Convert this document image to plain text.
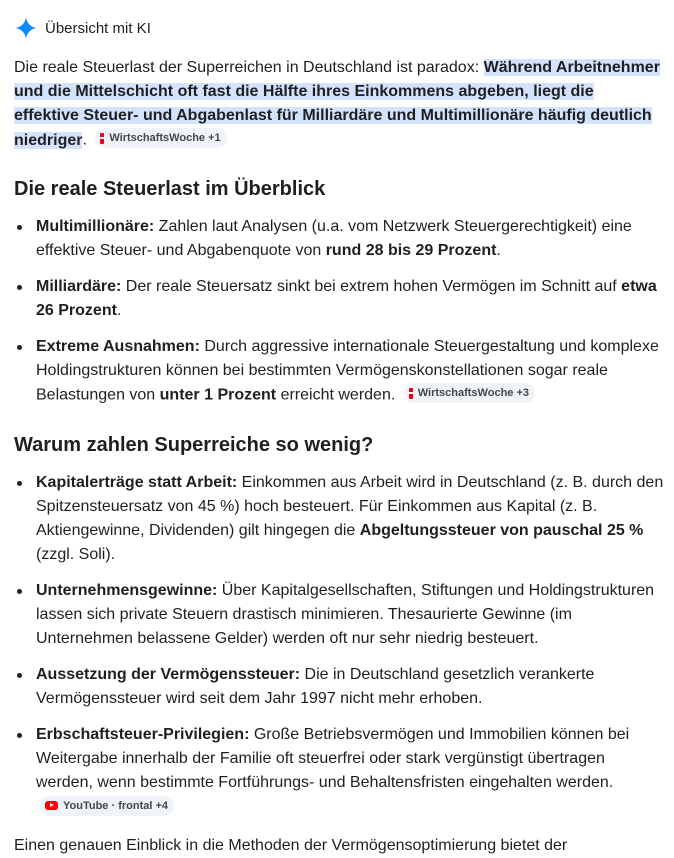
Übersicht mit KI
Die reale Steuerlast der Superreichen in Deutschland ist paradox: Während Arbeitnehmer und die Mittelschicht oft fast die Hälfte ihres Einkommens abgeben, liegt die effektive Steuer- und Abgabenlast für Milliardäre und Multimillionäre häufig deutlich niedriger. WirtschaftsWoche +1
Die reale Steuerlast im Überblick
Multimillionäre: Zahlen laut Analysen (u.a. vom Netzwerk Steuergerechtigkeit) eine effektive Steuer- und Abgabenquote von rund 28 bis 29 Prozent.
Milliardäre: Der reale Steuersatz sinkt bei extrem hohen Vermögen im Schnitt auf etwa 26 Prozent.
Extreme Ausnahmen: Durch aggressive internationale Steuergestaltung und komplexe Holdingstrukturen können bei bestimmten Vermögenskonstellationen sogar reale Belastungen von unter 1 Prozent erreicht werden. WirtschaftsWoche +3
Warum zahlen Superreiche so wenig?
Kapitalerträge statt Arbeit: Einkommen aus Arbeit wird in Deutschland (z. B. durch den Spitzensteuersatz von 45 %) hoch besteuert. Für Einkommen aus Kapital (z. B. Aktiengewinne, Dividenden) gilt hingegen die Abgeltungssteuer von pauschal 25 % (zzgl. Soli).
Unternehmensgewinne: Über Kapitalgesellschaften, Stiftungen und Holdingstrukturen lassen sich private Steuern drastisch minimieren. Thesaurierte Gewinne (im Unternehmen belassene Gelder) werden oft nur sehr niedrig besteuert.
Aussetzung der Vermögenssteuer: Die in Deutschland gesetzlich verankerte Vermögenssteuer wird seit dem Jahr 1997 nicht mehr erhoben.
Erbschaftsteuer-Privilegien: Große Betriebsvermögen und Immobilien können bei Weitergabe innerhalb der Familie oft steuerfrei oder stark vergünstigt übertragen werden, wenn bestimmte Fortführungs- und Behaltensfristen eingehalten werden.
YouTube · frontal +4
Einen genauen Einblick in die Methoden der Vermögensoptimierung bietet der
